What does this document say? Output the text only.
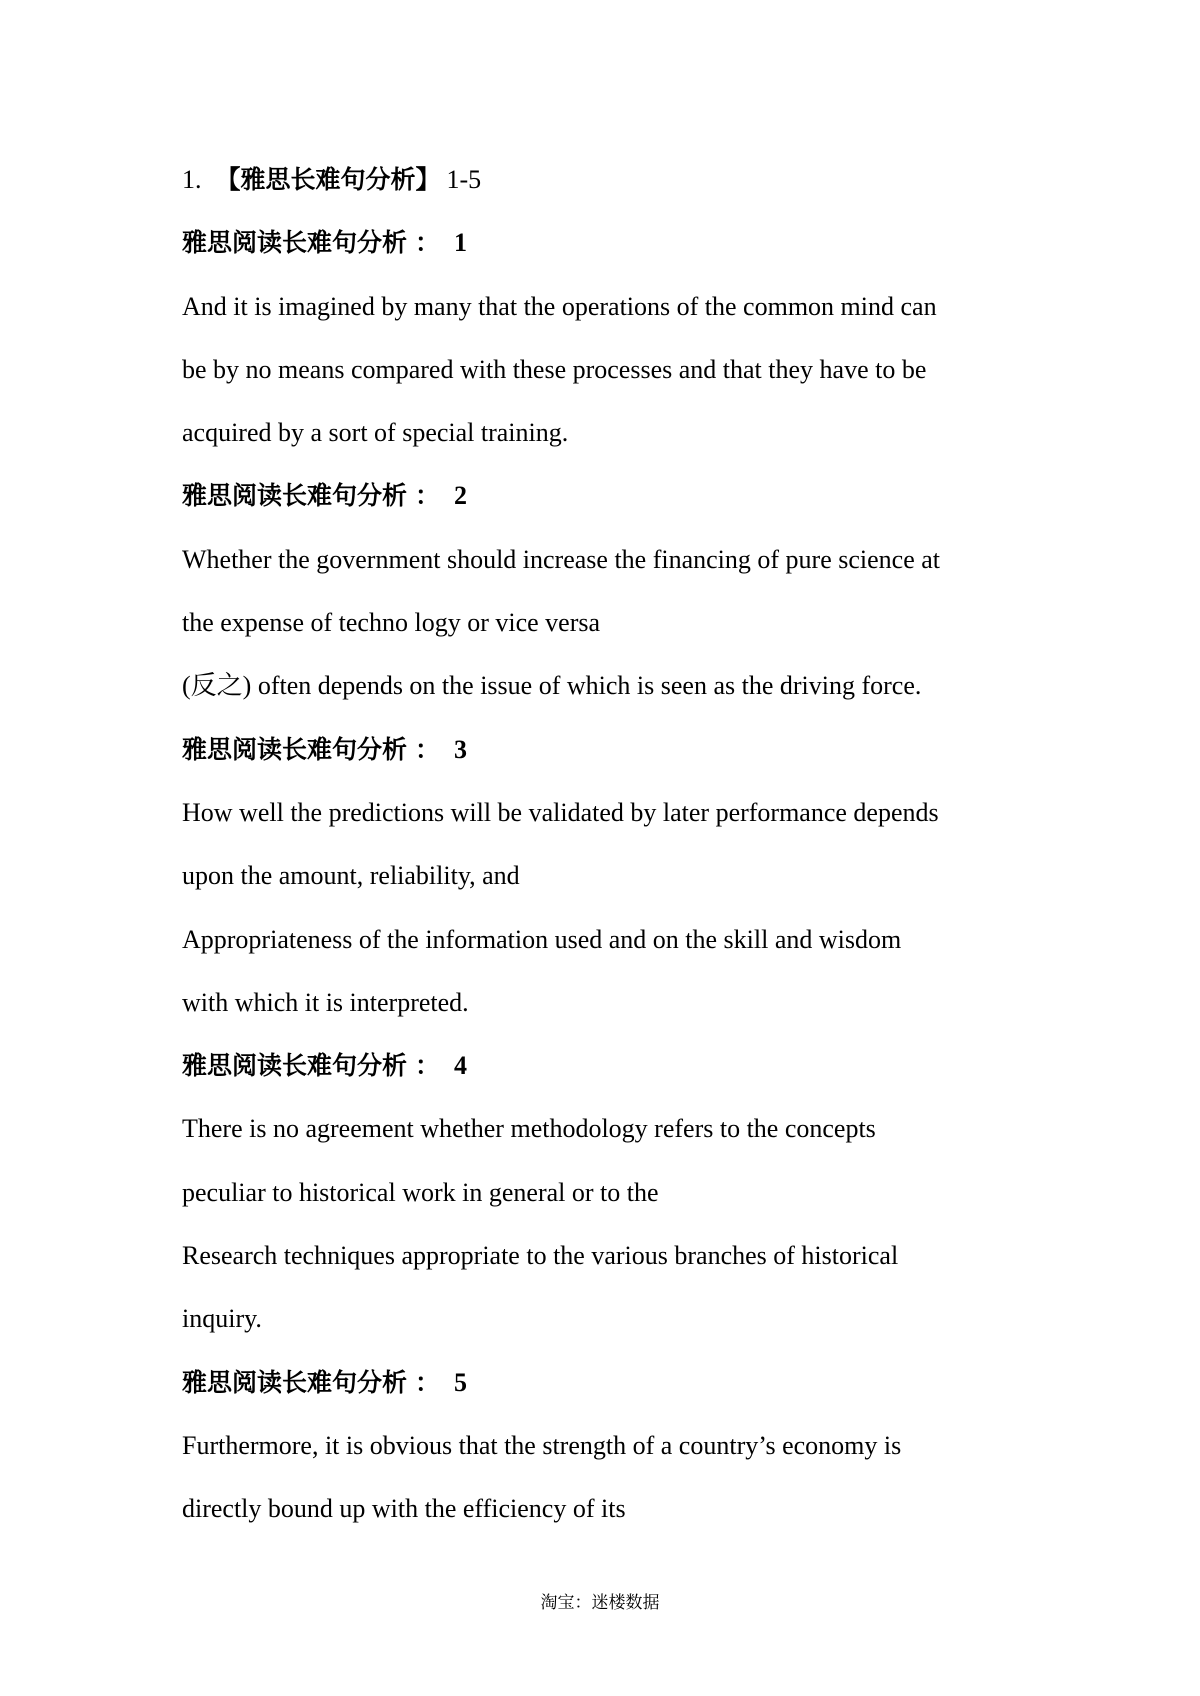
1. 【雅思长难句分析】 1-5
雅思阅读长难句分析 ： 1
And it is imagined by many that the operations of the common mind can
be by no means compared with these processes and that they have to be
acquired by a sort of special training.
雅思阅读长难句分析 ： 2
Whether the government should increase the financing of pure science at
the expense of techno logy or vice versa
(反之) often depends on the issue of which is seen as the driving force.
雅思阅读长难句分析 ： 3
How well the predictions will be validated by later performance depends
upon the amount, reliability, and
Appropriateness of the information used and on the skill and wisdom
with which it is interpreted.
雅思阅读长难句分析 ： 4
There is no agreement whether methodology refers to the concepts
peculiar to historical work in general or to the
Research techniques appropriate to the various branches of historical
inquiry.
雅思阅读长难句分析 ： 5
Furthermore, it is obvious that the strength of a country’s economy is
directly bound up with the efficiency of its
淘宝：迷楼数据
